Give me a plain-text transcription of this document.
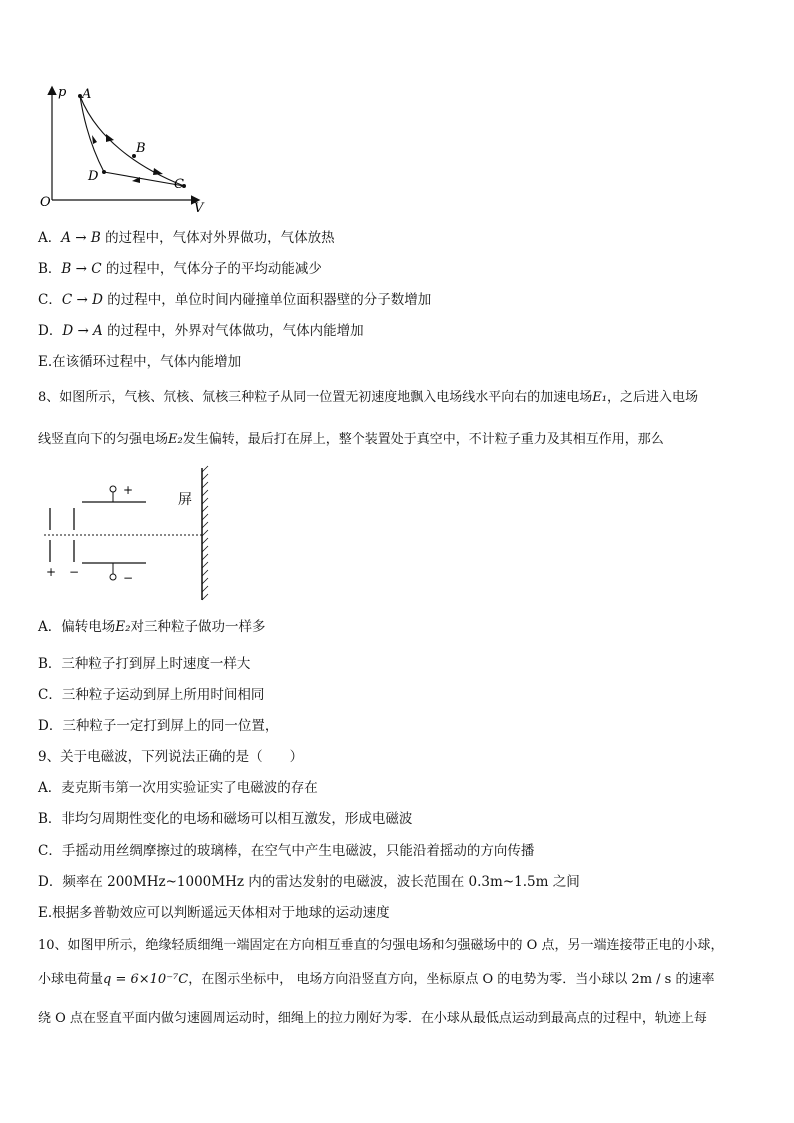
p
V
O
A
B
C
D
A．A → B 的过程中，气体对外界做功，气体放热
B．B → C 的过程中，气体分子的平均动能减少
C．C → D 的过程中，单位时间内碰撞单位面积器壁的分子数增加
D．D → A 的过程中，外界对气体做功，气体内能增加
E.在该循环过程中，气体内能增加
8、如图所示，气核、氘核、氚核三种粒子从同一位置无初速度地飘入电场线水平向右的加速电场E₁，之后进入电场
线竖直向下的匀强电场E₂发生偏转，最后打在屏上，整个装置处于真空中，不计粒子重力及其相互作用，那么
+ −
+
−
屏
A．偏转电场E₂对三种粒子做功一样多
B．三种粒子打到屏上时速度一样大
C．三种粒子运动到屏上所用时间相同
D．三种粒子一定打到屏上的同一位置，
9、关于电磁波，下列说法正确的是（　　）
A．麦克斯韦第一次用实验证实了电磁波的存在
B．非均匀周期性变化的电场和磁场可以相互激发，形成电磁波
C．手摇动用丝绸摩擦过的玻璃棒，在空气中产生电磁波，只能沿着摇动的方向传播
D．频率在 200MHz~1000MHz 内的雷达发射的电磁波，波长范围在 0.3m~1.5m 之间
E.根据多普勒效应可以判断遥远天体相对于地球的运动速度
10、如图甲所示，绝缘轻质细绳一端固定在方向相互垂直的匀强电场和匀强磁场中的 O 点，另一端连接带正电的小球，
小球电荷量q = 6×10⁻⁷C，在图示坐标中， 电场方向沿竖直方向，坐标原点 O 的电势为零．当小球以 2m / s 的速率
绕 O 点在竖直平面内做匀速圆周运动时，细绳上的拉力刚好为零．在小球从最低点运动到最高点的过程中，轨迹上每
